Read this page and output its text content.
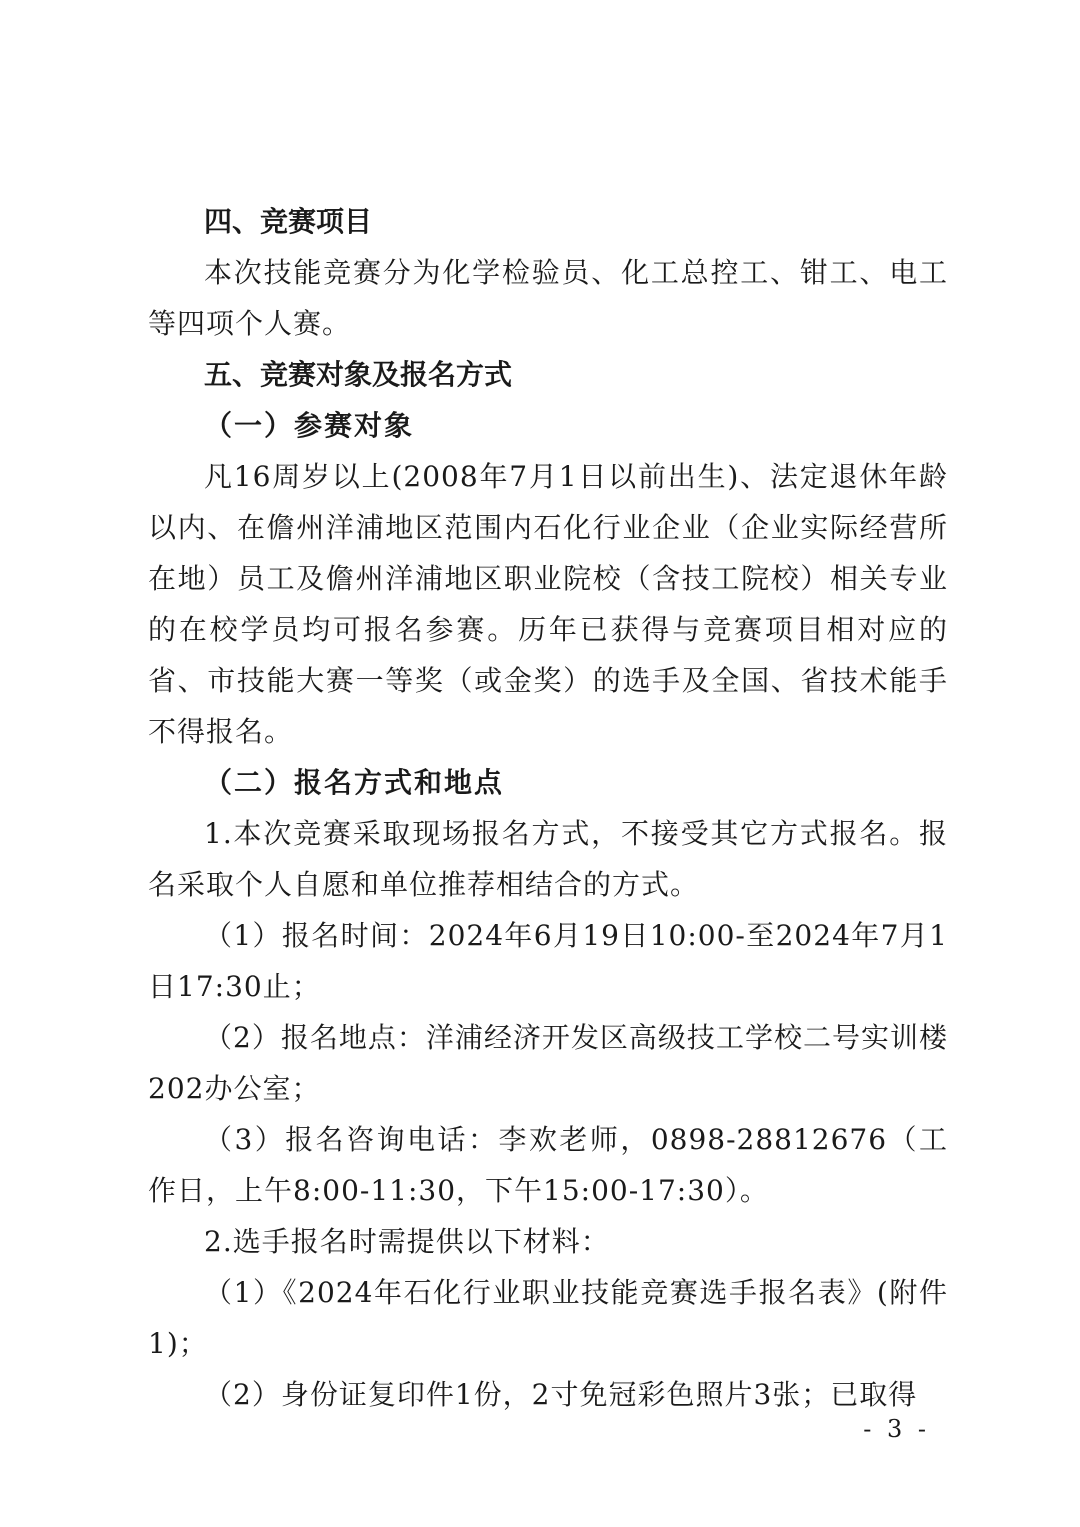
四、竞赛项目

本次技能竞赛分为化学检验员、化工总控工、钳工、电工等四项个人赛。

五、竞赛对象及报名方式
（一）参赛对象

凡16周岁以上(2008年7月1日以前出生)、法定退休年龄以内、在儋州洋浦地区范围内石化行业企业（企业实际经营所在地）员工及儋州洋浦地区职业院校（含技工院校）相关专业的在校学员均可报名参赛。历年已获得与竞赛项目相对应的省、市技能大赛一等奖（或金奖）的选手及全国、省技术能手不得报名。

（二）报名方式和地点

1.本次竞赛采取现场报名方式，不接受其它方式报名。报名采取个人自愿和单位推荐相结合的方式。

（1）报名时间：2024年6月19日10:00-至2024年7月1日17:30止；

（2）报名地点：洋浦经济开发区高级技工学校二号实训楼202办公室；

（3）报名咨询电话：李欢老师，0898-28812676（工作日，上午8:00-11:30，下午15:00-17:30）。

2.选手报名时需提供以下材料：

（1）《2024年石化行业职业技能竞赛选手报名表》(附件1)；

（2）身份证复印件1份，2寸免冠彩色照片3张；已取得

- 3 -
